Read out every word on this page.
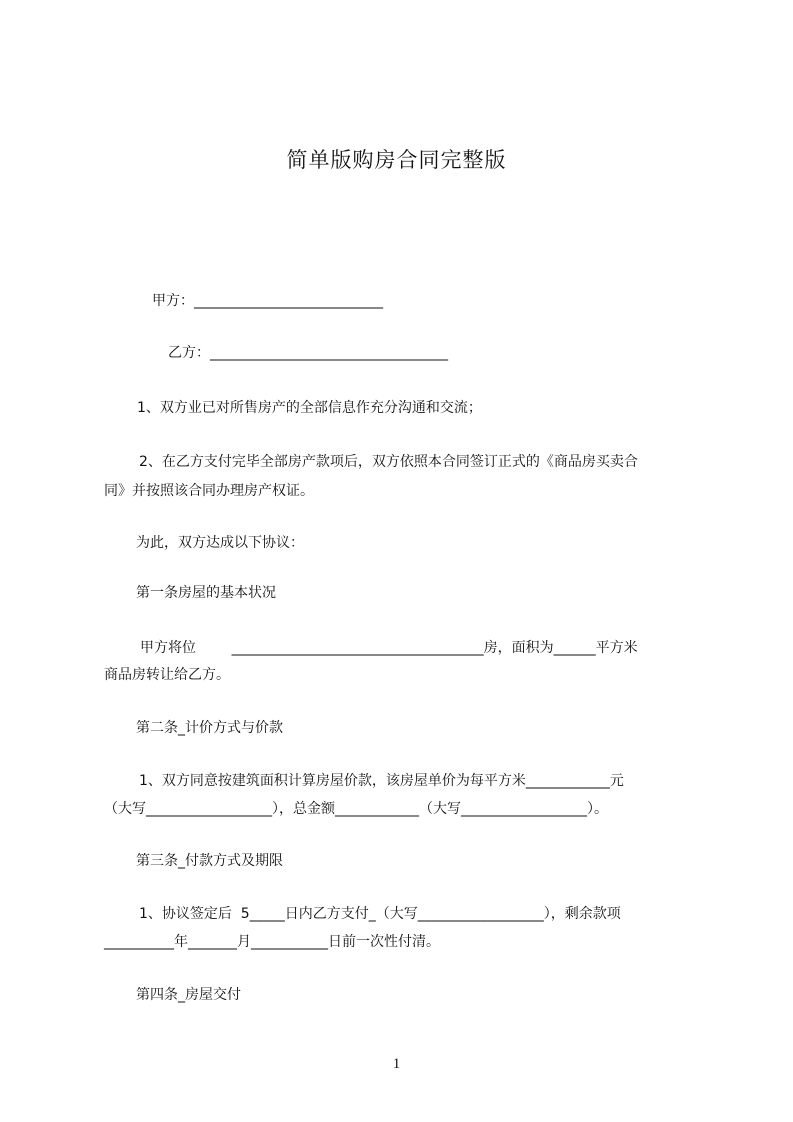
简单版购房合同完整版
甲方：___________________________
乙方：__________________________________
1、双方业已对所售房产的全部信息作充分沟通和交流；
2、在乙方支付完毕全部房产款项后，双方依照本合同签订正式的《商品房买卖合
同》并按照该合同办理房产权证。
为此，双方达成以下协议：
第一条房屋的基本状况
甲方将位        ____________________________________房，面积为______平方米
商品房转让给乙方。
第二条_计价方式与价款
1、双方同意按建筑面积计算房屋价款，该房屋单价为每平方米____________元
（大写__________________），总金额____________（大写__________________）。
第三条_付款方式及期限
1、协议签定后  5_____日内乙方支付_（大写__________________），剩余款项
__________年_______月___________日前一次性付清。
第四条_房屋交付
1
